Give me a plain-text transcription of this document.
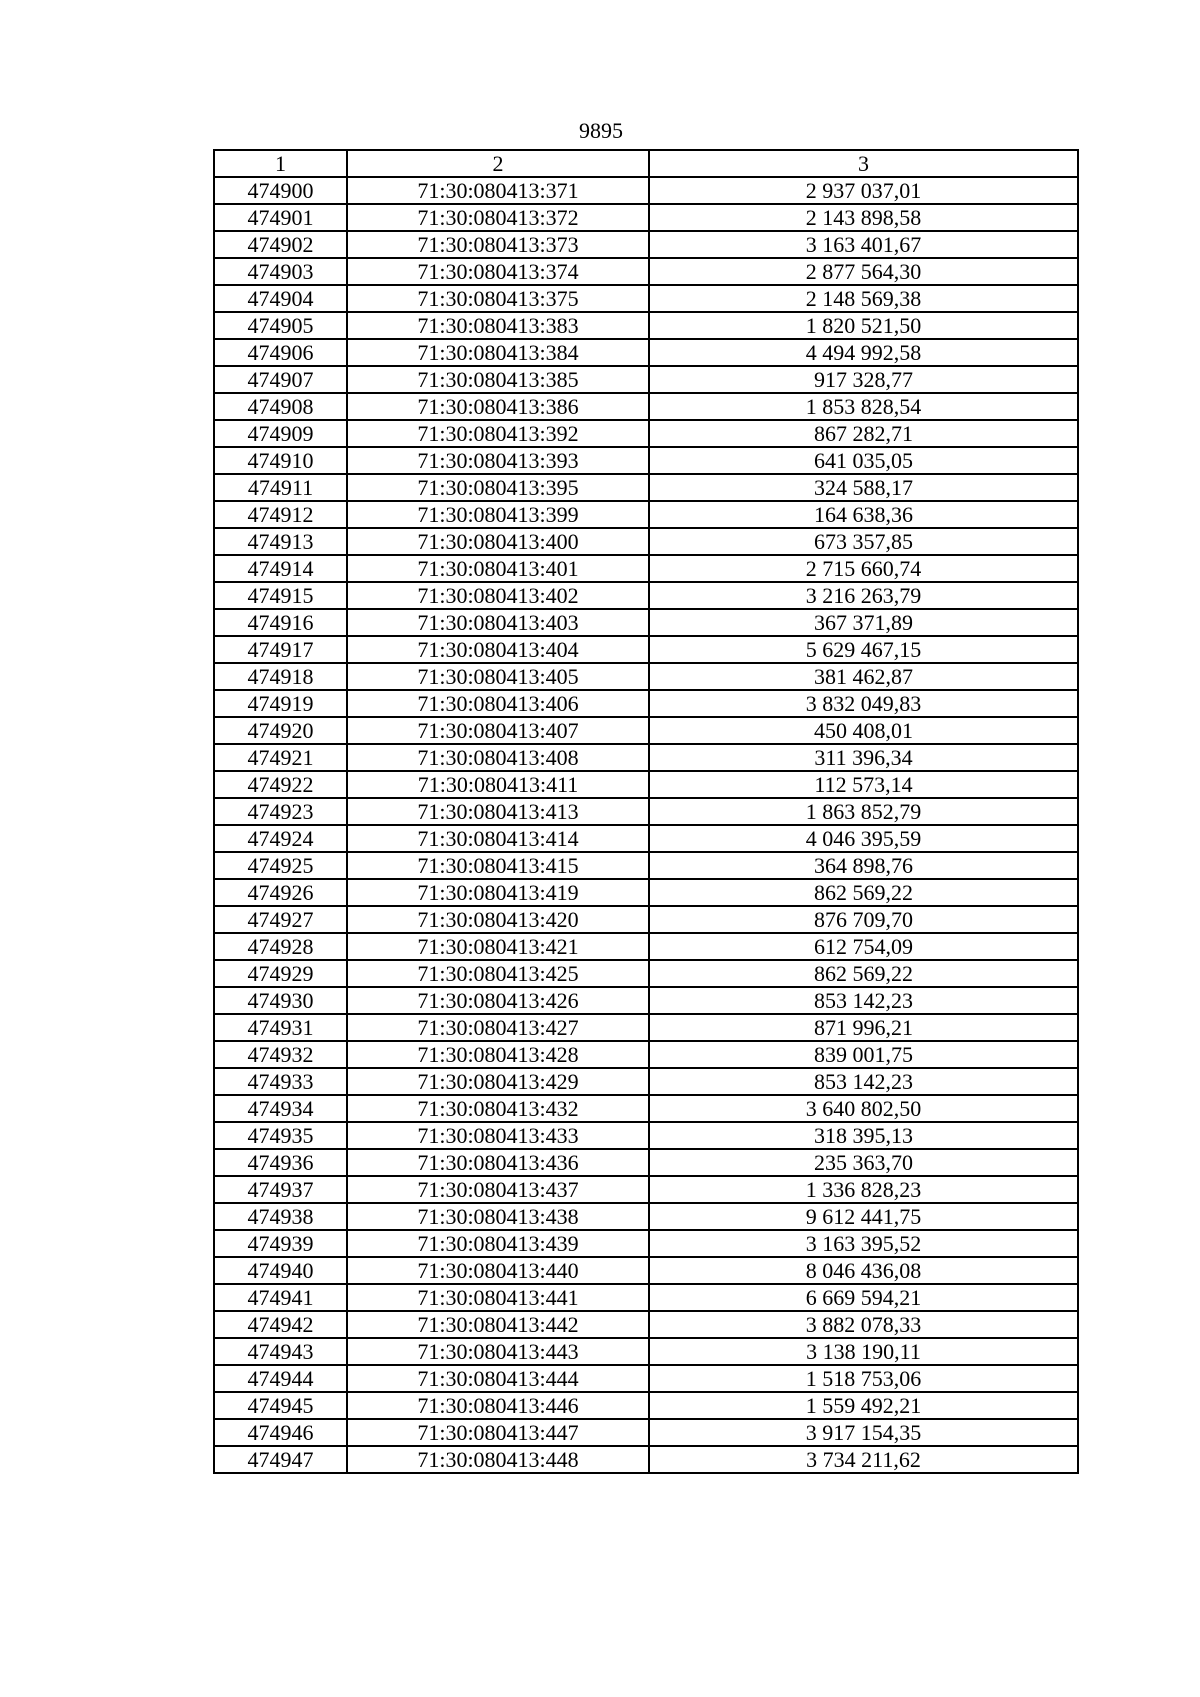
9895
1	2	3
474900	71:30:080413:371	2 937 037,01
474901	71:30:080413:372	2 143 898,58
474902	71:30:080413:373	3 163 401,67
474903	71:30:080413:374	2 877 564,30
474904	71:30:080413:375	2 148 569,38
474905	71:30:080413:383	1 820 521,50
474906	71:30:080413:384	4 494 992,58
474907	71:30:080413:385	917 328,77
474908	71:30:080413:386	1 853 828,54
474909	71:30:080413:392	867 282,71
474910	71:30:080413:393	641 035,05
474911	71:30:080413:395	324 588,17
474912	71:30:080413:399	164 638,36
474913	71:30:080413:400	673 357,85
474914	71:30:080413:401	2 715 660,74
474915	71:30:080413:402	3 216 263,79
474916	71:30:080413:403	367 371,89
474917	71:30:080413:404	5 629 467,15
474918	71:30:080413:405	381 462,87
474919	71:30:080413:406	3 832 049,83
474920	71:30:080413:407	450 408,01
474921	71:30:080413:408	311 396,34
474922	71:30:080413:411	112 573,14
474923	71:30:080413:413	1 863 852,79
474924	71:30:080413:414	4 046 395,59
474925	71:30:080413:415	364 898,76
474926	71:30:080413:419	862 569,22
474927	71:30:080413:420	876 709,70
474928	71:30:080413:421	612 754,09
474929	71:30:080413:425	862 569,22
474930	71:30:080413:426	853 142,23
474931	71:30:080413:427	871 996,21
474932	71:30:080413:428	839 001,75
474933	71:30:080413:429	853 142,23
474934	71:30:080413:432	3 640 802,50
474935	71:30:080413:433	318 395,13
474936	71:30:080413:436	235 363,70
474937	71:30:080413:437	1 336 828,23
474938	71:30:080413:438	9 612 441,75
474939	71:30:080413:439	3 163 395,52
474940	71:30:080413:440	8 046 436,08
474941	71:30:080413:441	6 669 594,21
474942	71:30:080413:442	3 882 078,33
474943	71:30:080413:443	3 138 190,11
474944	71:30:080413:444	1 518 753,06
474945	71:30:080413:446	1 559 492,21
474946	71:30:080413:447	3 917 154,35
474947	71:30:080413:448	3 734 211,62
